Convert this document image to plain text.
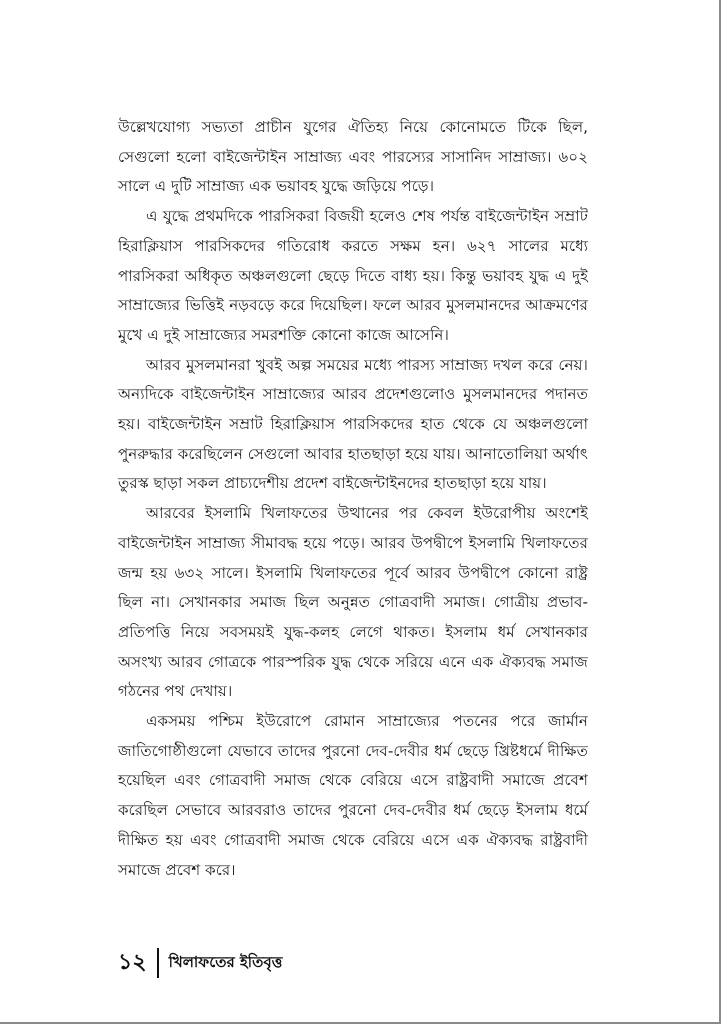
উল্লেখযোগ্য সভ্যতা প্রাচীন যুগের ঐতিহ্য নিয়ে কোনোমতে টিকে ছিল, সেগুলো হলো বাইজেন্টাইন সাম্রাজ্য এবং পারস্যের সাসানিদ সাম্রাজ্য। ৬০২ সালে এ দুটি সাম্রাজ্য এক ভয়াবহ যুদ্ধে জড়িয়ে পড়ে।

এ যুদ্ধে প্রথমদিকে পারসিকরা বিজয়ী হলেও শেষ পর্যন্ত বাইজেন্টাইন সম্রাট হিরাক্লিয়াস পারসিকদের গতিরোধ করতে সক্ষম হন। ৬২৭ সালের মধ্যে পারসিকরা অধিকৃত অঞ্চলগুলো ছেড়ে দিতে বাধ্য হয়। কিন্তু ভয়াবহ যুদ্ধ এ দুই সাম্রাজ্যের ভিত্তিই নড়বড়ে করে দিয়েছিল। ফলে আরব মুসলমানদের আক্রমণের মুখে এ দুই সাম্রাজ্যের সমরশক্তি কোনো কাজে আসেনি।

আরব মুসলমানরা খুবই অল্প সময়ের মধ্যে পারস্য সাম্রাজ্য দখল করে নেয়। অন্যদিকে বাইজেন্টাইন সাম্রাজ্যের আরব প্রদেশগুলোও মুসলমানদের পদানত হয়। বাইজেন্টাইন সম্রাট হিরাক্লিয়াস পারসিকদের হাত থেকে যে অঞ্চলগুলো পুনরুদ্ধার করেছিলেন সেগুলো আবার হাতছাড়া হয়ে যায়। আনাতোলিয়া অর্থাৎ তুরস্ক ছাড়া সকল প্রাচ্যদেশীয় প্রদেশ বাইজেন্টাইনদের হাতছাড়া হয়ে যায়।

আরবের ইসলামি খিলাফতের উত্থানের পর কেবল ইউরোপীয় অংশেই বাইজেন্টাইন সাম্রাজ্য সীমাবদ্ধ হয়ে পড়ে। আরব উপদ্বীপে ইসলামি খিলাফতের জন্ম হয় ৬৩২ সালে। ইসলামি খিলাফতের পূর্বে আরব উপদ্বীপে কোনো রাষ্ট্র ছিল না। সেখানকার সমাজ ছিল অনুন্নত গোত্রবাদী সমাজ। গোত্রীয় প্রভাব-প্রতিপত্তি নিয়ে সবসময়ই যুদ্ধ-কলহ লেগে থাকত। ইসলাম ধর্ম সেখানকার অসংখ্য আরব গোত্রকে পারস্পরিক যুদ্ধ থেকে সরিয়ে এনে এক ঐক্যবদ্ধ সমাজ গঠনের পথ দেখায়।

একসময় পশ্চিম ইউরোপে রোমান সাম্রাজ্যের পতনের পরে জার্মান জাতিগোষ্ঠীগুলো যেভাবে তাদের পুরনো দেব-দেবীর ধর্ম ছেড়ে খ্রিষ্টধর্মে দীক্ষিত হয়েছিল এবং গোত্রবাদী সমাজ থেকে বেরিয়ে এসে রাষ্ট্রবাদী সমাজে প্রবেশ করেছিল সেভাবে আরবরাও তাদের পুরনো দেব-দেবীর ধর্ম ছেড়ে ইসলাম ধর্মে দীক্ষিত হয় এবং গোত্রবাদী সমাজ থেকে বেরিয়ে এসে এক ঐক্যবদ্ধ রাষ্ট্রবাদী সমাজে প্রবেশ করে।

১২	খিলাফতের ইতিবৃত্ত
